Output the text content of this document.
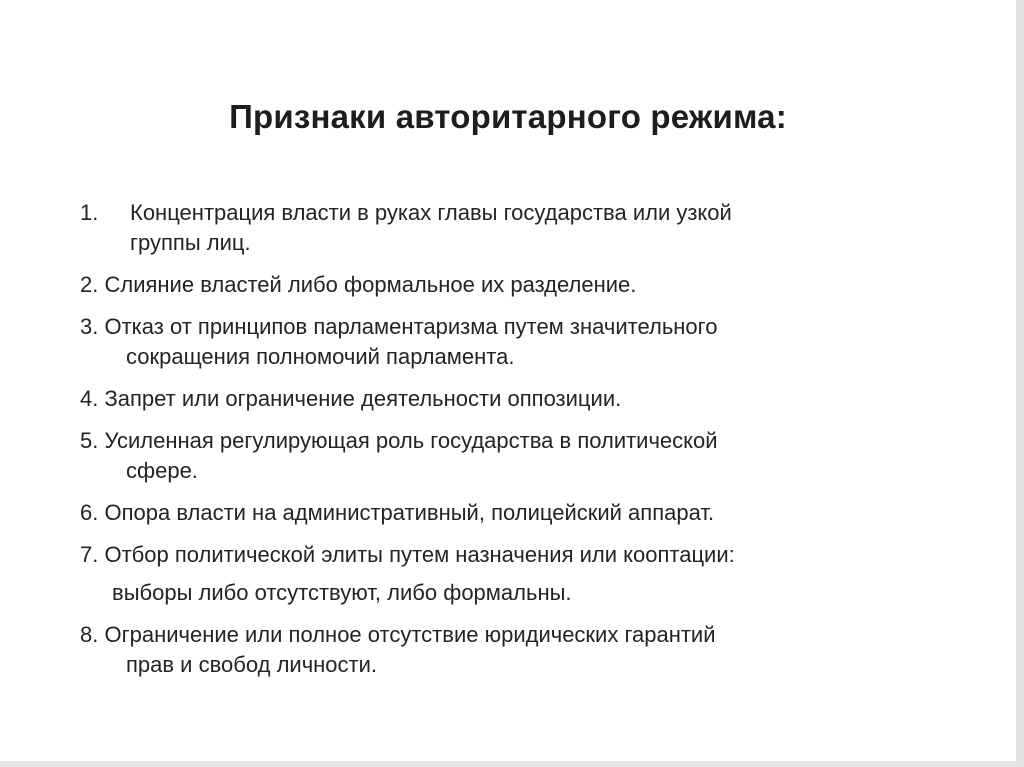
Признаки авторитарного режима:
1. Концентрация власти в руках главы государства или узкой
группы лиц.
2. Слияние властей либо формальное их разделение.
3. Отказ от принципов парламентаризма путем значительного
сокращения полномочий парламента.
4. Запрет или ограничение деятельности оппозиции.
5. Усиленная регулирующая роль государства в политической
сфере.
6. Опора власти на административный, полицейский аппарат.
7. Отбор политической элиты путем назначения или кооптации:
выборы либо отсутствуют, либо формальны.
8. Ограничение или полное отсутствие юридических гарантий
прав и свобод личности.
